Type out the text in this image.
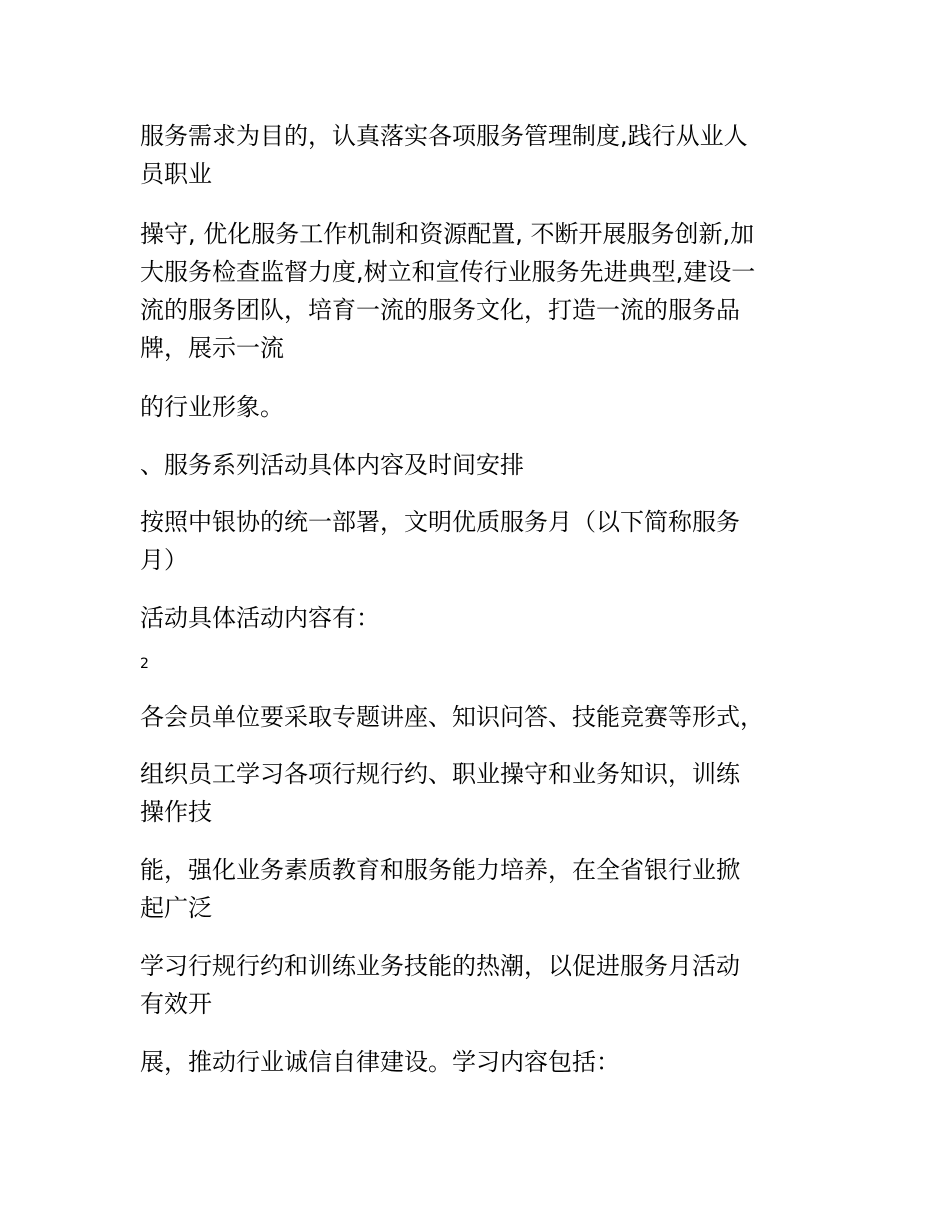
服务需求为目的，认真落实各项服务管理制度,践行从业人
员职业

操守, 优化服务工作机制和资源配置, 不断开展服务创新,加
大服务检查监督力度,树立和宣传行业服务先进典型,建设一
流的服务团队，培育一流的服务文化，打造一流的服务品
牌，展示一流

的行业形象。

、服务系列活动具体内容及时间安排

按照中银协的统一部署，文明优质服务月（以下简称服务
月）

活动具体活动内容有：

2

各会员单位要采取专题讲座、知识问答、技能竞赛等形式，

组织员工学习各项行规行约、职业操守和业务知识，训练
操作技

能，强化业务素质教育和服务能力培养，在全省银行业掀
起广泛

学习行规行约和训练业务技能的热潮，以促进服务月活动
有效开

展，推动行业诚信自律建设。学习内容包括：
